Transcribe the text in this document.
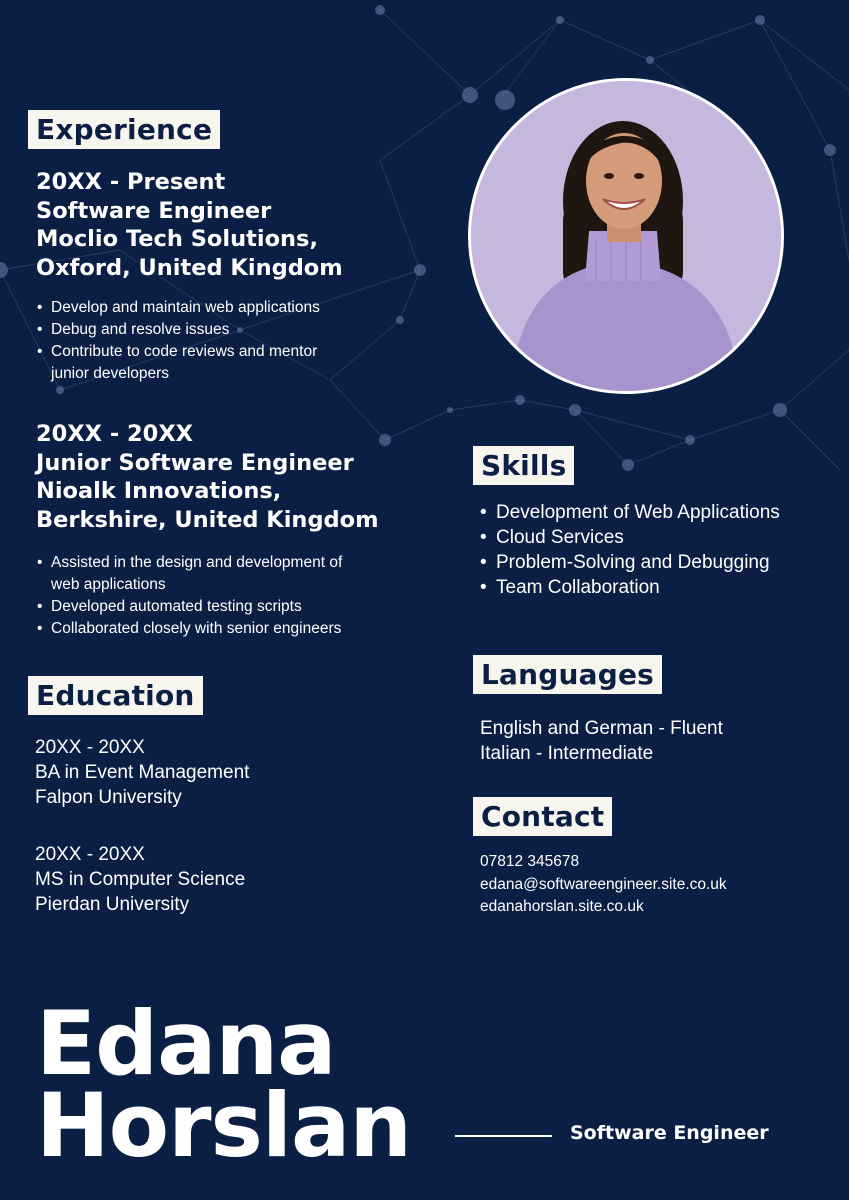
Experience
20XX - Present
Software Engineer
Moclio Tech Solutions,
Oxford, United Kingdom
• Develop and maintain web applications
• Debug and resolve issues
• Contribute to code reviews and mentor
junior developers
20XX - 20XX
Junior Software Engineer
Nioalk Innovations,
Berkshire, United Kingdom
• Assisted in the design and development of
web applications
• Developed automated testing scripts
• Collaborated closely with senior engineers
Education
20XX - 20XX
BA in Event Management
Falpon University
20XX - 20XX
MS in Computer Science
Pierdan University
Skills
• Development of Web Applications
• Cloud Services
• Problem-Solving and Debugging
• Team Collaboration
Languages
English and German - Fluent
Italian - Intermediate
Contact
07812 345678
edana@softwareengineer.site.co.uk
edanahorslan.site.co.uk
Edana
Horslan	Software Engineer
